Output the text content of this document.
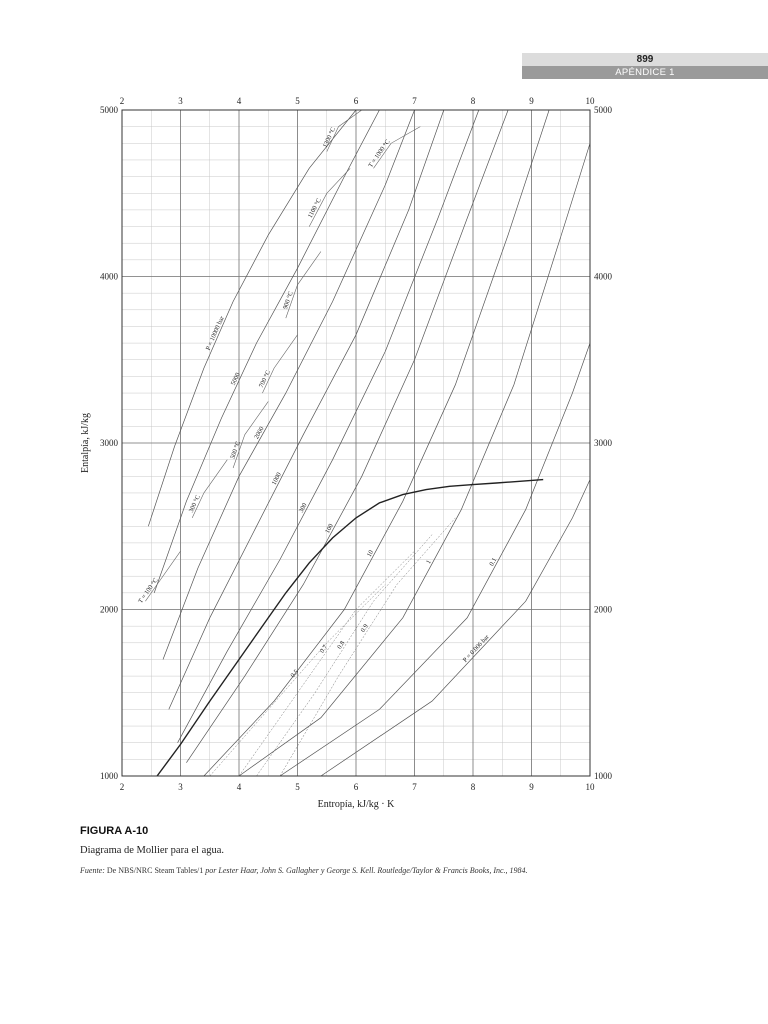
899
APÉNDICE 1
P = 10000 bar
5000
2000
1000
300
100
10
1	0.1
P = 0.006 bar
T = 100 °C
300 °C
500 °C
700 °C
900 °C
1100 °C
T = 1000 °C
1300 °C
0.5
0.7 0.8
0.9
2
2
3
3
4
4
5
5
6
6
7
7
8
8
9
9
10
10
1000	1000
2000	2000
3000	3000
4000	4000
5000	5000
Entropía, kJ/kg · K
Entalpía, kJ/kg
FIGURA A-10
Diagrama de Mollier para el agua.
Fuente: De NBS/NRC Steam Tables/1 por Lester Haar, John S. Gallagher y George S. Kell. Routledge/Taylor & Francis Books, Inc., 1984.
